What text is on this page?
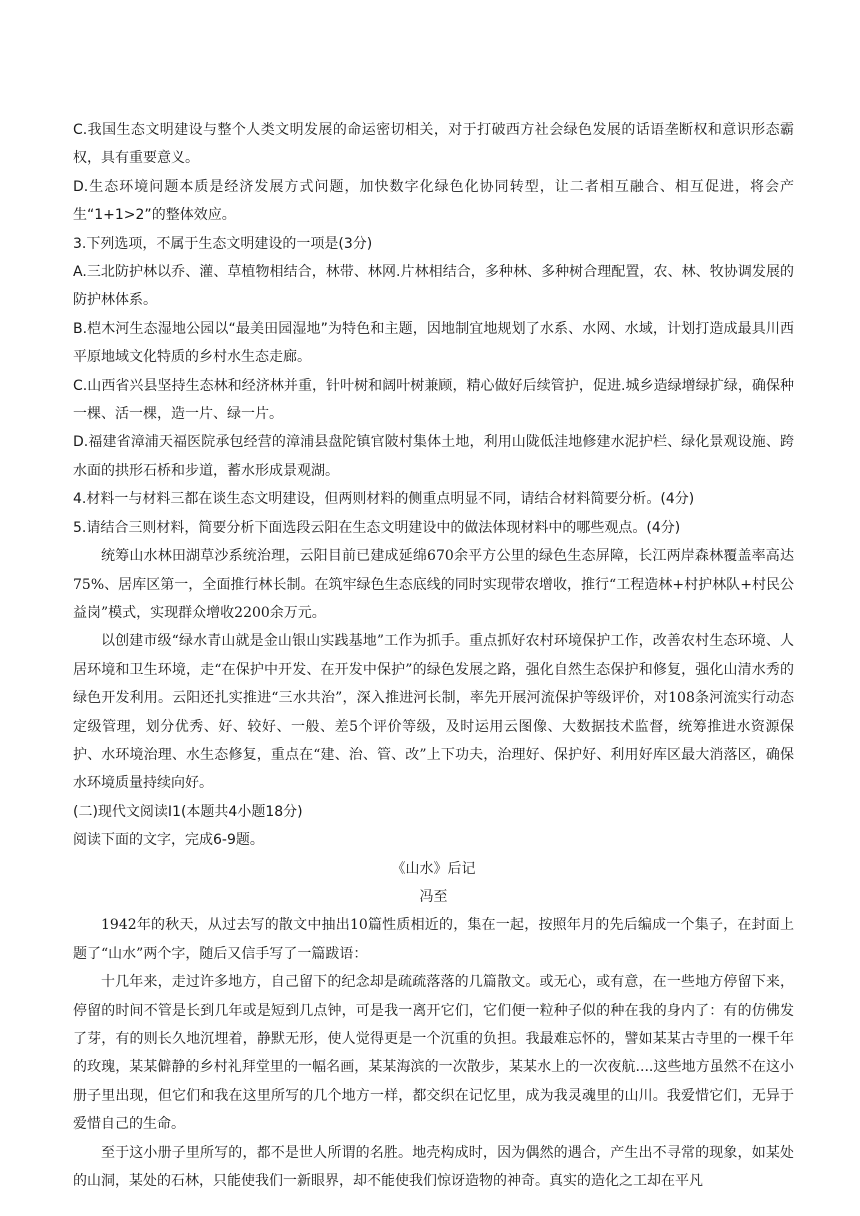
C.我国生态文明建设与整个人类文明发展的命运密切相关，对于打破西方社会绿色发展的话语垄断权和意识形态霸权，具有重要意义。

D.生态环境问题本质是经济发展方式问题，加快数字化绿色化协同转型，让二者相互融合、相互促进，将会产生“1+1>2”的整体效应。

3.下列选项，不属于生态文明建设的一项是(3分)

A.三北防护林以乔、灌、草植物相结合，林带、林网.片林相结合，多种林、多种树合理配置，农、林、牧协调发展的防护林体系。

B.桤木河生态湿地公园以“最美田园湿地”为特色和主题，因地制宜地规划了水系、水网、水域，计划打造成最具川西平原地域文化特质的乡村水生态走廊。

C.山西省兴县坚持生态林和经济林并重，针叶树和阔叶树兼顾，精心做好后续管护，促进.城乡造绿增绿扩绿，确保种一棵、活一棵，造一片、绿一片。

D.福建省漳浦天福医院承包经营的漳浦县盘陀镇官陂村集体土地，利用山陇低洼地修建水泥护栏、绿化景观设施、跨水面的拱形石桥和步道，蓄水形成景观湖。

4.材料一与材料三都在谈生态文明建设，但两则材料的侧重点明显不同，请结合材料简要分析。(4分)

5.请结合三则材料，简要分析下面选段云阳在生态文明建设中的做法体现材料中的哪些观点。(4分)

统筹山水林田湖草沙系统治理，云阳目前已建成延绵670余平方公里的绿色生态屏障，长江两岸森林覆盖率高达75%、居库区第一，全面推行林长制。在筑牢绿色生态底线的同时实现带农增收，推行“工程造林+村护林队+村民公益岗”模式，实现群众增收2200余万元。

以创建市级“绿水青山就是金山银山实践基地”工作为抓手。重点抓好农村环境保护工作，改善农村生态环境、人居环境和卫生环境，走“在保护中开发、在开发中保护”的绿色发展之路，强化自然生态保护和修复，强化山清水秀的绿色开发利用。云阳还扎实推进“三水共治”，深入推进河长制，率先开展河流保护等级评价，对108条河流实行动态定级管理，划分优秀、好、较好、一般、差5个评价等级，及时运用云图像、大数据技术监督，统筹推进水资源保护、水环境治理、水生态修复，重点在“建、治、管、改”上下功夫，治理好、保护好、利用好库区最大消落区，确保水环境质量持续向好。

(二)现代文阅读I1(本题共4小题18分)

阅读下面的文字，完成6-9题。

《山水》后记

冯至

1942年的秋天，从过去写的散文中抽出10篇性质相近的，集在一起，按照年月的先后编成一个集子，在封面上题了“山水”两个字，随后又信手写了一篇跋语：

十几年来，走过许多地方，自己留下的纪念却是疏疏落落的几篇散文。或无心，或有意，在一些地方停留下来，停留的时间不管是长到几年或是短到几点钟，可是我一离开它们，它们便一粒种子似的种在我的身内了：有的仿佛发了芽，有的则长久地沉埋着，静默无形，使人觉得更是一个沉重的负担。我最难忘怀的，譬如某某古寺里的一棵千年的玫瑰，某某僻静的乡村礼拜堂里的一幅名画，某某海滨的一次散步，某某水上的一次夜航....这些地方虽然不在这小册子里出现，但它们和我在这里所写的几个地方一样，都交织在记忆里，成为我灵魂里的山川。我爱惜它们，无异于爱惜自己的生命。

至于这小册子里所写的，都不是世人所谓的名胜。地壳构成时，因为偶然的遇合，产生出不寻常的现象，如某处的山洞，某处的石林，只能使我们一新眼界，却不能使我们惊讶造物的神奇。真实的造化之工却在平凡
